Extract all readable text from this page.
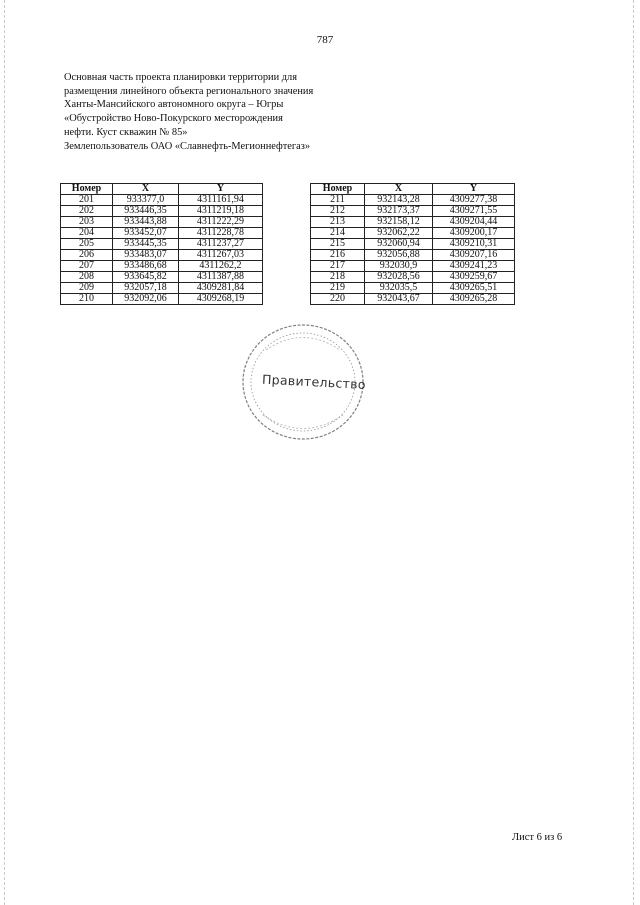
787
Основная часть проекта планировки территории для
размещения линейного объекта регионального значения
Ханты-Мансийского автономного округа – Югры
«Обустройство Ново-Покурского месторождения
нефти. Куст скважин № 85»
Землепользователь ОАО «Славнефть-Мегионнефтегаз»
Номер	X	Y
201	933377,0	4311161,94
202	933446,35	4311219,18
203	933443,88	4311222,29
204	933452,07	4311228,78
205	933445,35	4311237,27
206	933483,07	4311267,03
207	933486,68	4311262,2
208	933645,82	4311387,88
209	932057,18	4309281,84
210	932092,06	4309268,19
Номер	X	Y
211	932143,28	4309277,38
212	932173,37	4309271,55
213	932158,12	4309204,44
214	932062,22	4309200,17
215	932060,94	4309210,31
216	932056,88	4309207,16
217	932030,9	4309241,23
218	932028,56	4309259,67
219	932035,5	4309265,51
220	932043,67	4309265,28
Правительство
Лист 6 из 6
